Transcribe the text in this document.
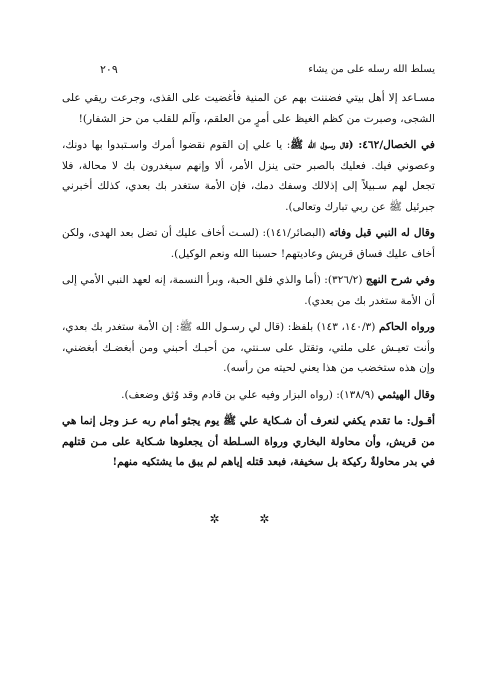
يسلط الله رسله على من يشاء
٢٠٩

مسـاعد إلا أهل بيتي فضننت بهم عن المنية فأغضيت على القذى، وجرعت ريقي على الشجى، وصبرت من كظم الغيظ على أمرٍ من العلقم، وآلم للقلب من حز الشفار)!

في الخصال/٤٦٢: (قال رسـول الله ﷺ: يا علي إن القوم نقضوا أمرك واسـتبدوا بها دونك، وعصوني فيك. فعليك بالصبر حتى ينزل الأمر، ألا وإنهم سيغدرون بك لا محالة، فلا تجعل لهم سـبيلاً إلى إذلالك وسفك دمك، فإن الأمة ستغدر بك بعدي، كذلك أخبرني جبرئيل ﷺ عن ربي تبارك وتعالى).

وقال له النبي قبل وفاته (البصائر/١٤١): (لسـت أخاف عليك أن تضل بعد الهدى، ولكن أخاف عليك فساق قريش وعاديتهم! حسبنا الله ونعم الوكيل).

وفي شرح النهج (٣٢٦/٢): (أما والذي فلق الحبة، وبرأ النسمة، إنه لعهد النبي الأمي إلى أن الأمة ستغدر بك من بعدي).

ورواه الحاكم (١٤٠/٣، ١٤٣) بلفظ: (قال لي رسـول الله ﷺ: إن الأمة ستغدر بك بعدي، وأنت تعيـش على ملتي، وتقتل على سـنتي، من أحبـك أحبني ومن أبغضـك أبغضني، وإن هذه ستخضب من هذا يعني لحيته من رأسه).

وقال الهيثمي (١٣٨/٩): (رواه البزار وفيه علي بن قادم وقد وُثق وضعف).

أقـول: ما تقدم يكفي لنعرف أن شـكاية علي ﷺ يوم يجثو أمام ربه عـز وجل إنما هي من قريش، وأن محاولة البخاري ورواة السـلطة أن يجعلوها شـكاية على مـن قتلهم في بدر محاولةٌ ركيكة بل سخيفة، فبعد قتله إياهم لم يبق ما يشتكيه منهم!

✲ ✲
